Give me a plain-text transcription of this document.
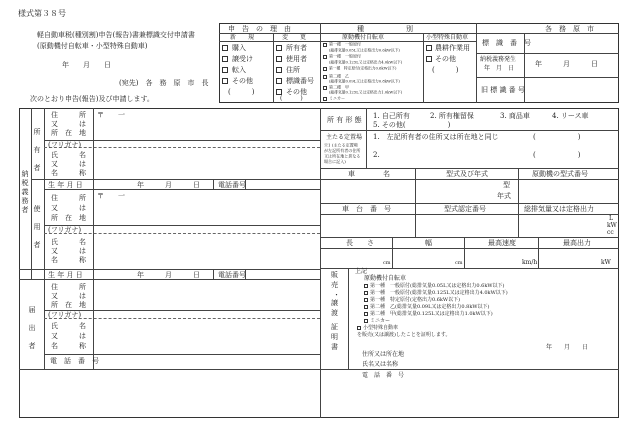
様式第３８号
軽自動車税(種別割)申告(報告)書兼標識交付申請書
(原動機付自転車・小型特殊自動車)
年　　月　　日
(宛先)　各　務　原　市　長
次のとおり申告(報告)及び申請します。
申　告　の　理　由	種　　　　　　別	各　務　原　市
新　　規	変　　更	原動機付自転車	小型特殊自動車
購入
譲受け
転入
その他
(　　　)
所有者
使用者
住所
標識番号
その他
(　　　)
第一種　一般原付
(総排気量0.05L又は定格出力0.6kW以下)
第一種　一般原付
(総排気量0.125L又は定格出力4.0kW以下)
第一種　特定原付(定格出力0.6kW以下)
第二種　乙
(総排気量0.09L又は定格出力0.8kW以下)
第二種　甲
(総排気量0.125L又は定格出力1.0kW以下)
ミニカー
農耕作業用
その他
(　　　)
標　識　番　号
納税義務発生
年　月　日
年　　　月　　　日
旧 標 識 番 号
納税義務者
所　有　者
使　用　者
住　　　所
又　　　は
所　在　地
〒　　一
(フリガナ)
氏　　　名
又　　　は
名　　　称
生 年 月 日	年　　　月　　　日	電話番号
住　　　所
又　　　は
所　在　地
〒　　一
(フリガナ)
氏　　　名
又　　　は
名　　　称
生 年 月 日	年　　　月　　　日	電話番号
届　出　者
住　　　所
又　　　は
所　在　地
(フリガナ)
氏　　　名
又　　　は
名　　　称
電　話　番　号
所 有 形 態 1. 自己所有	2. 所有権留保	3. 商品車	4. リース車
5. その他(　　　　　　)
主たる定置場
※1 (主たる定置場が左記所有者の住所又は所在地と異なる場合に記入)
1.　左記所有者の住所又は所在地と同じ	(　　　　　　)
2.	(　　　　　　)
車　　　　名	型式及び年式	原動機の型式番号
型
年式
車　台　番　号	型式認定番号	総排気量又は定格出力
L
kW
cc
長　　さ	幅	最高速度	最高出力
cm	cm	km/h	kW
販
売
・
譲
渡
証
明
書
上記
原動機付自転車
第一種　一般原付(総排気量0.05L又は定格出力0.6kW以下)
第一種　一般原付(総排気量0.125L又は定格出力4.0kW以下)
第一種　特定原付(定格出力0.6kW以下)
第二種　乙(総排気量0.09L又は定格出力0.8kW以下)
第二種　甲(総排気量0.125L又は定格出力1.0kW以下)
ミニカー
小型特殊自動車
を販売(又は譲渡)したことを証明します。
年　　月　　日
住所又は所在地
氏名又は名称
電　話　番　号
